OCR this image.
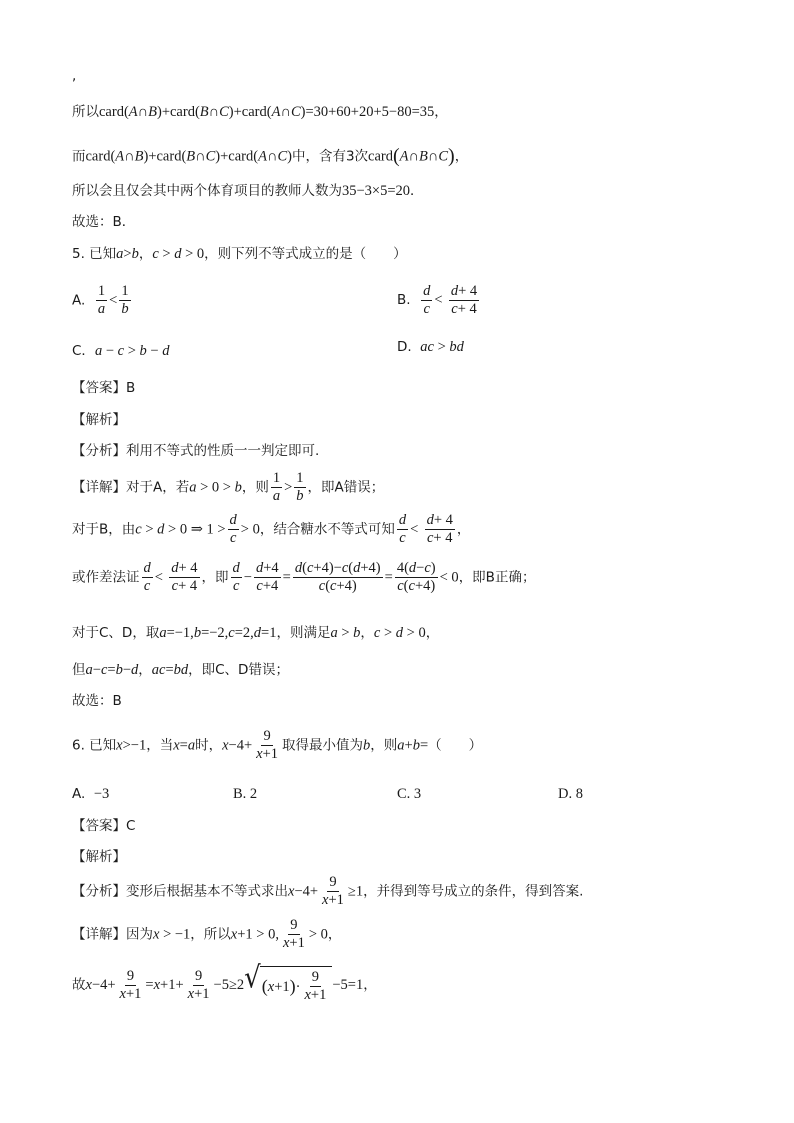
,
所以card(A∩B)+card(B∩C)+card(A∩C)=30+60+20+5−80=35，
而card(A∩B)+card(B∩C)+card(A∩C)中，含有3次card(A∩B∩C)，
所以会且仅会其中两个体育项目的教师人数为35−3×5=20．
故选：B．
5. 已知a>b，c > d > 0，则下列不等式成立的是（　　）
A. $\frac{1}{a} < \frac{1}{b}$	B. $\frac{d}{c} < \frac{d+ 4}{c+ 4}$
C．a − c > b − d	D.  ac > bd
【答案】B
【解析】
【分析】利用不等式的性质一一判定即可.
【详解】对于A，若a > 0 > b，则 $\frac{1}{a} > \frac{1}{b}$ ，即A错误；
对于B，由c > d > 0 ⇒ $1 > \frac{d}{c} > 0$，结合糖水不等式可知 $\frac{d}{c} < \frac{d+ 4}{c+ 4}$ ，
或作差法证 $\frac{d}{c} < \frac{d+ 4}{c+ 4}$ ，即 $\frac{d}{c} - \frac{d+4}{c+4} = \frac{d(c+4)-c(d+4)}{c(c+4)} = \frac{4(d-c)}{c(c+4)} < 0$，即B正确；
对于C、D，取a=−1,b=−2,c=2,d=1，则满足a > b，c > d > 0，
但a−c=b−d，ac=bd，即C、D错误；
故选：B
6. 已知x>−1，当x=a时，$x-4+ \frac{9}{x+1}$ 取得最小值为b，则a+b=（　　）
A.  −3	B. 2	C. 3	D. 8
【答案】C
【解析】
【分析】变形后根据基本不等式求出$x-4+ \frac{9}{x+1} \ge 1$，并得到等号成立的条件，得到答案.
【详解】因为x > −1，所以x+1 > 0, $\frac{9}{x+1} > 0$，
故$x-4+ \frac{9}{x+1} =x+1+ \frac{9}{x+1} -5\ge 2$ √ ( x +1 ) · $\frac{9}{x+1} -5=1$，
